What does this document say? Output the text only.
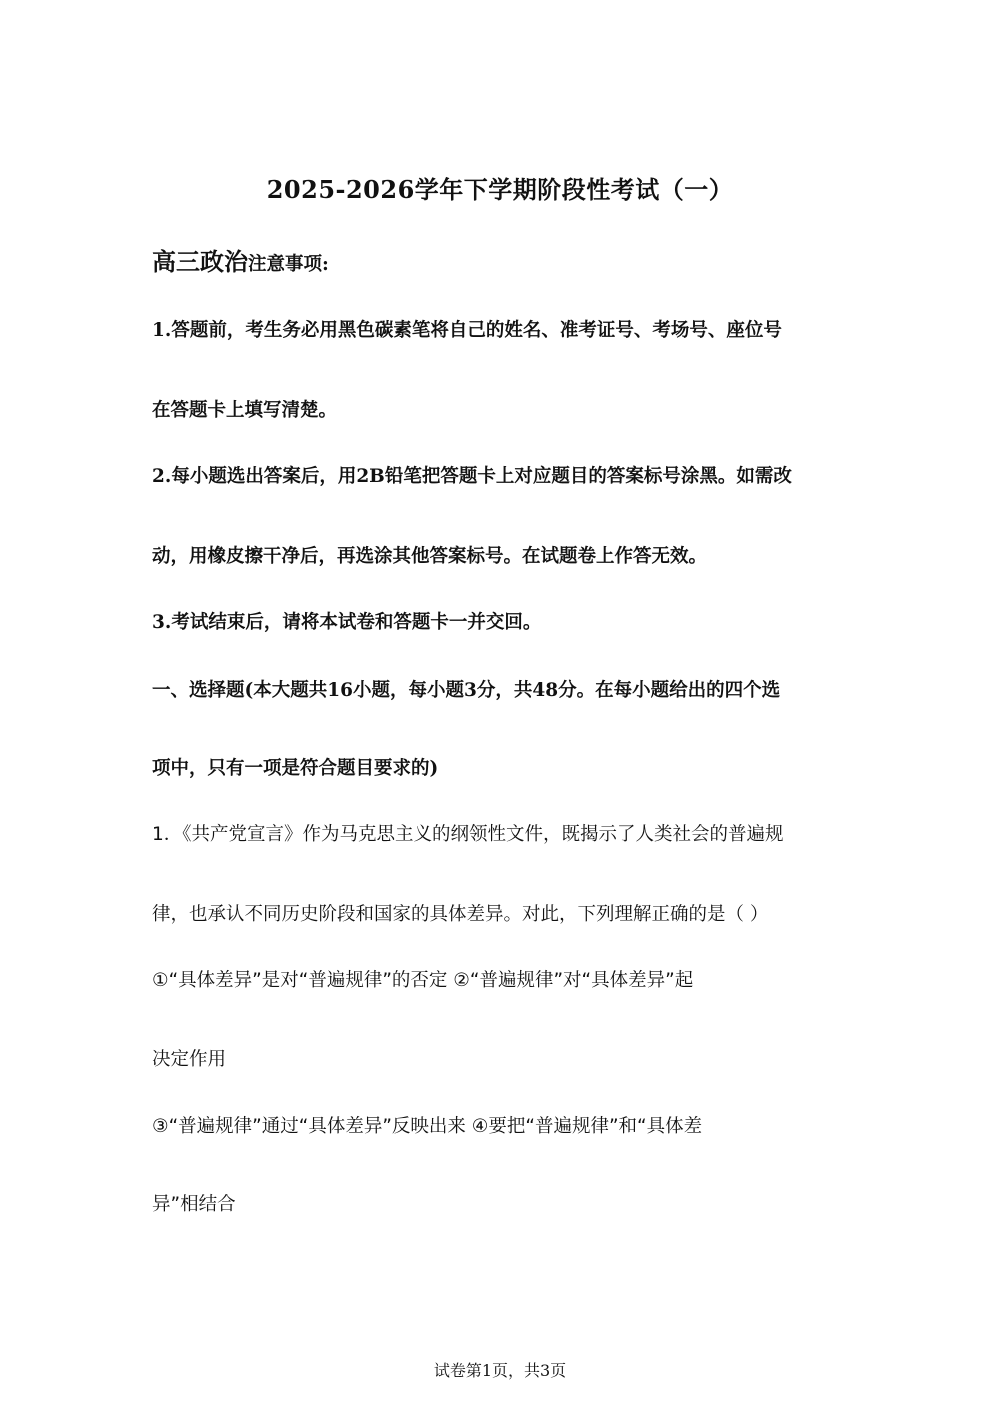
2025-2026学年下学期阶段性考试（一）
高三政治注意事项:
1.答题前，考生务必用黑色碳素笔将自己的姓名、准考证号、考场号、座位号
在答题卡上填写清楚。
2.每小题选出答案后，用2B铅笔把答题卡上对应题目的答案标号涂黑。如需改
动，用橡皮擦干净后，再选涂其他答案标号。在试题卷上作答无效。
3.考试结束后，请将本试卷和答题卡一并交回。
一、选择题(本大题共16小题，每小题3分，共48分。在每小题给出的四个选
项中，只有一项是符合题目要求的)
1．《共产党宣言》作为马克思主义的纲领性文件，既揭示了人类社会的普遍规
律，也承认不同历史阶段和国家的具体差异。对此，下列理解正确的是（ ）
①“具体差异”是对“普遍规律”的否定 ②“普遍规律”对“具体差异”起
决定作用
③“普遍规律”通过“具体差异”反映出来 ④要把“普遍规律”和“具体差
异”相结合
试卷第1页，共3页
